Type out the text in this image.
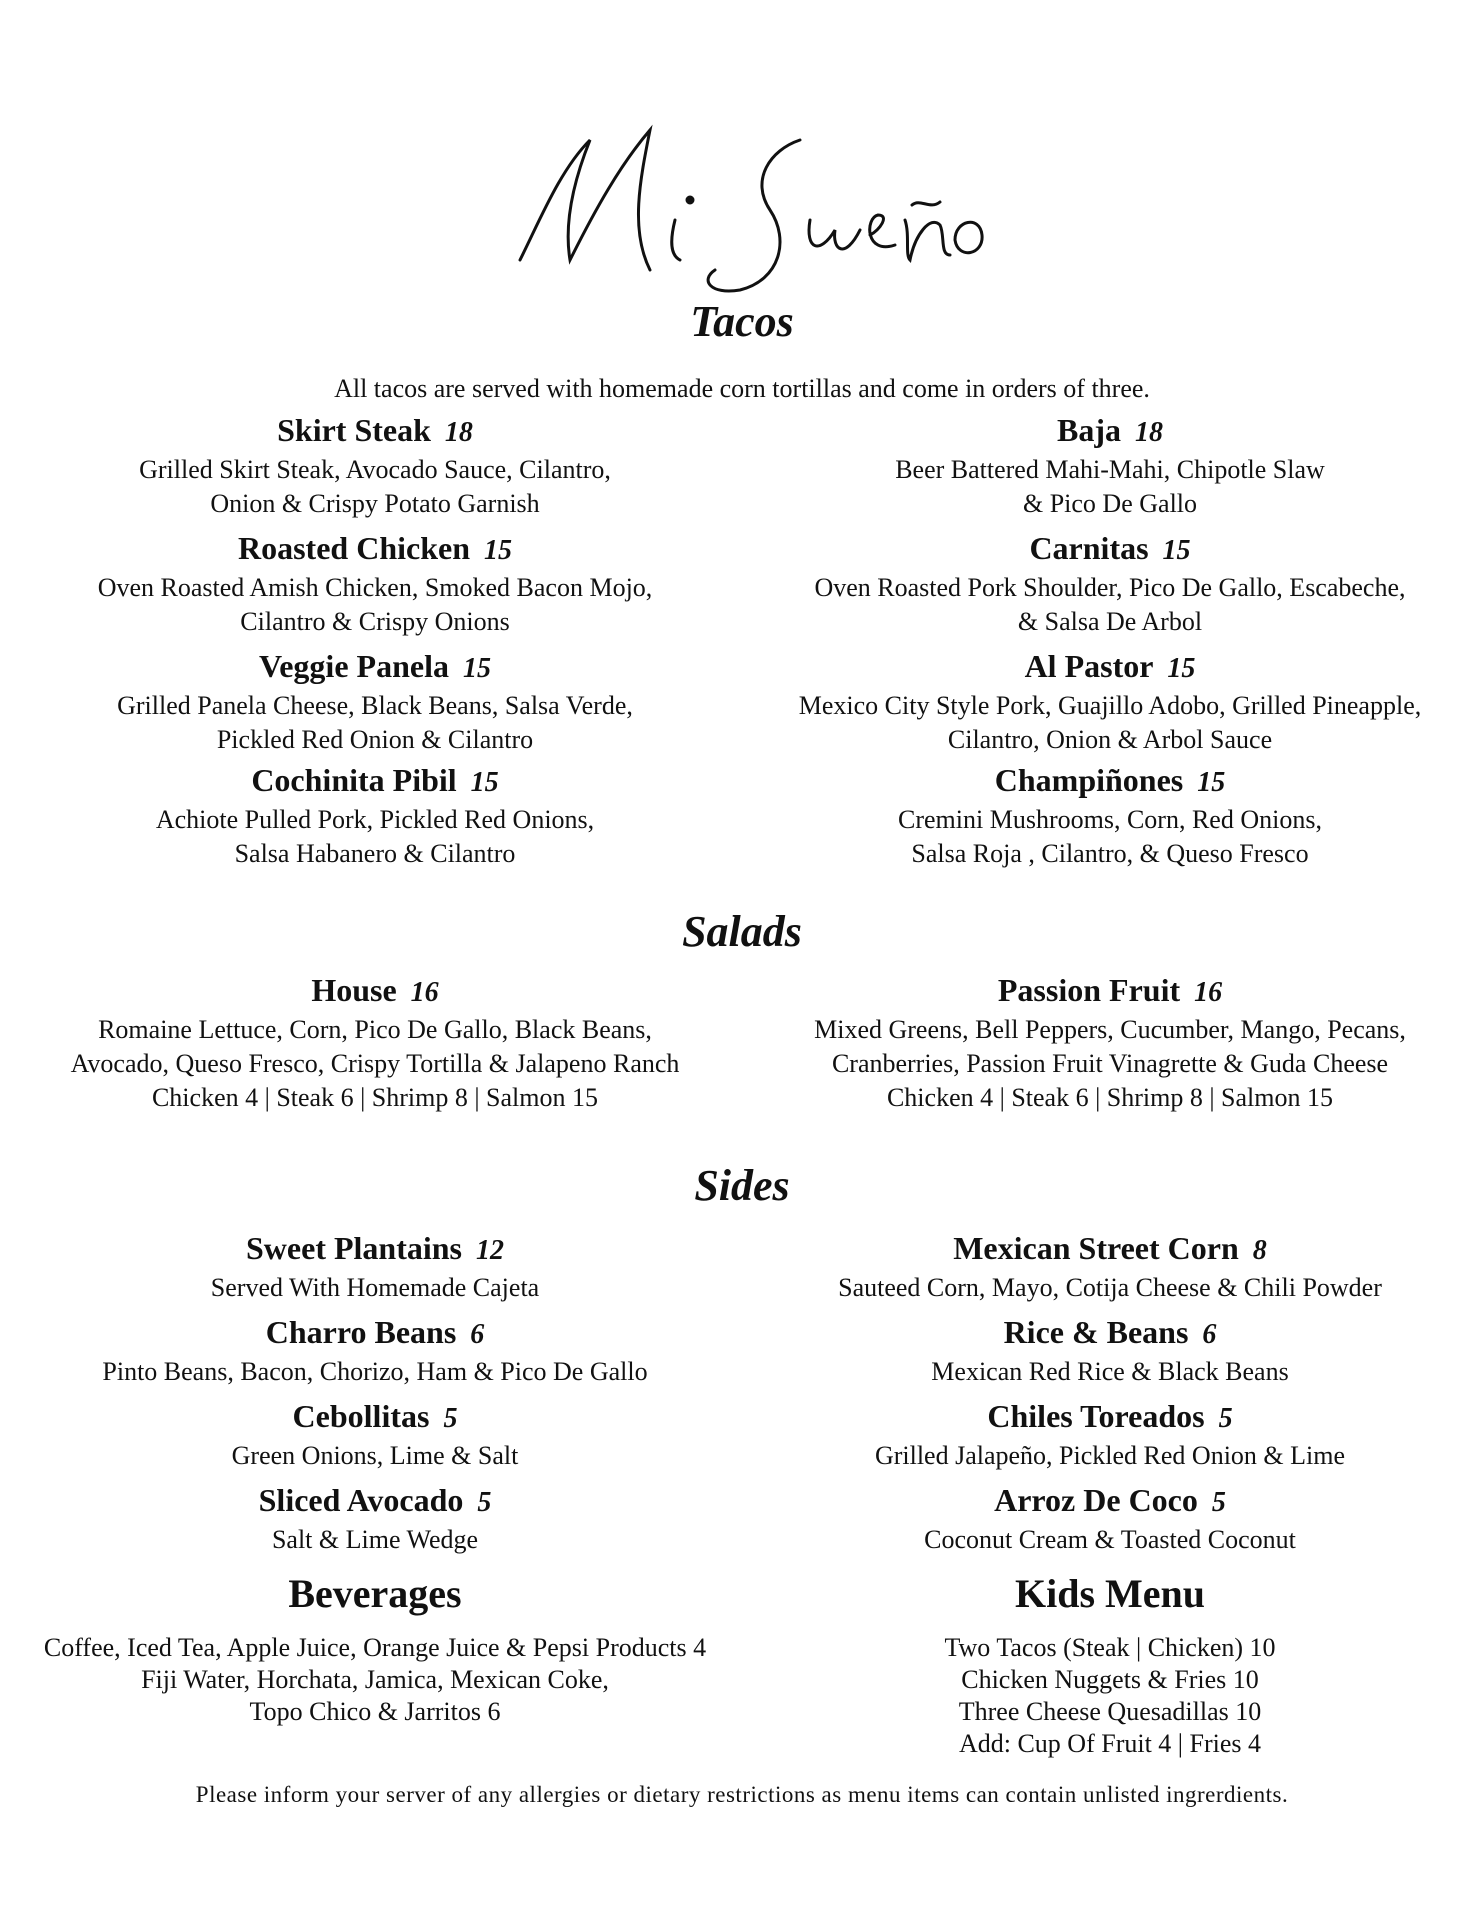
Tacos
All tacos are served with homemade corn tortillas and come in orders of three.
Skirt Steak 18
Grilled Skirt Steak, Avocado Sauce, Cilantro,
Onion & Crispy Potato Garnish
Roasted Chicken 15
Oven Roasted Amish Chicken, Smoked Bacon Mojo,
Cilantro & Crispy Onions
Veggie Panela 15
Grilled Panela Cheese, Black Beans, Salsa Verde,
Pickled Red Onion & Cilantro
Cochinita Pibil 15
Achiote Pulled Pork, Pickled Red Onions,
Salsa Habanero & Cilantro
Baja 18
Beer Battered Mahi-Mahi, Chipotle Slaw
& Pico De Gallo
Carnitas 15
Oven Roasted Pork Shoulder, Pico De Gallo, Escabeche,
& Salsa De Arbol
Al Pastor 15
Mexico City Style Pork, Guajillo Adobo, Grilled Pineapple,
Cilantro, Onion & Arbol Sauce
Champiñones 15
Cremini Mushrooms, Corn, Red Onions,
Salsa Roja , Cilantro, & Queso Fresco
Salads
House 16
Romaine Lettuce, Corn, Pico De Gallo, Black Beans,
Avocado, Queso Fresco, Crispy Tortilla & Jalapeno Ranch
Chicken 4 | Steak 6 | Shrimp 8 | Salmon 15
Passion Fruit 16
Mixed Greens, Bell Peppers, Cucumber, Mango, Pecans,
Cranberries, Passion Fruit Vinagrette & Guda Cheese
Chicken 4 | Steak 6 | Shrimp 8 | Salmon 15
Sides
Sweet Plantains 12
Served With Homemade Cajeta
Charro Beans 6
Pinto Beans, Bacon, Chorizo, Ham & Pico De Gallo
Cebollitas 5
Green Onions, Lime & Salt
Sliced Avocado 5
Salt & Lime Wedge
Mexican Street Corn 8
Sauteed Corn, Mayo, Cotija Cheese & Chili Powder
Rice & Beans 6
Mexican Red Rice & Black Beans
Chiles Toreados 5
Grilled Jalapeño, Pickled Red Onion & Lime
Arroz De Coco 5
Coconut Cream & Toasted Coconut
Beverages
Coffee, Iced Tea, Apple Juice, Orange Juice & Pepsi Products 4
Fiji Water, Horchata, Jamica, Mexican Coke,
Topo Chico & Jarritos 6
Kids Menu
Two Tacos (Steak | Chicken) 10
Chicken Nuggets & Fries 10
Three Cheese Quesadillas 10
Add: Cup Of Fruit 4 | Fries 4
Please inform your server of any allergies or dietary restrictions as menu items can contain unlisted ingrerdients.
